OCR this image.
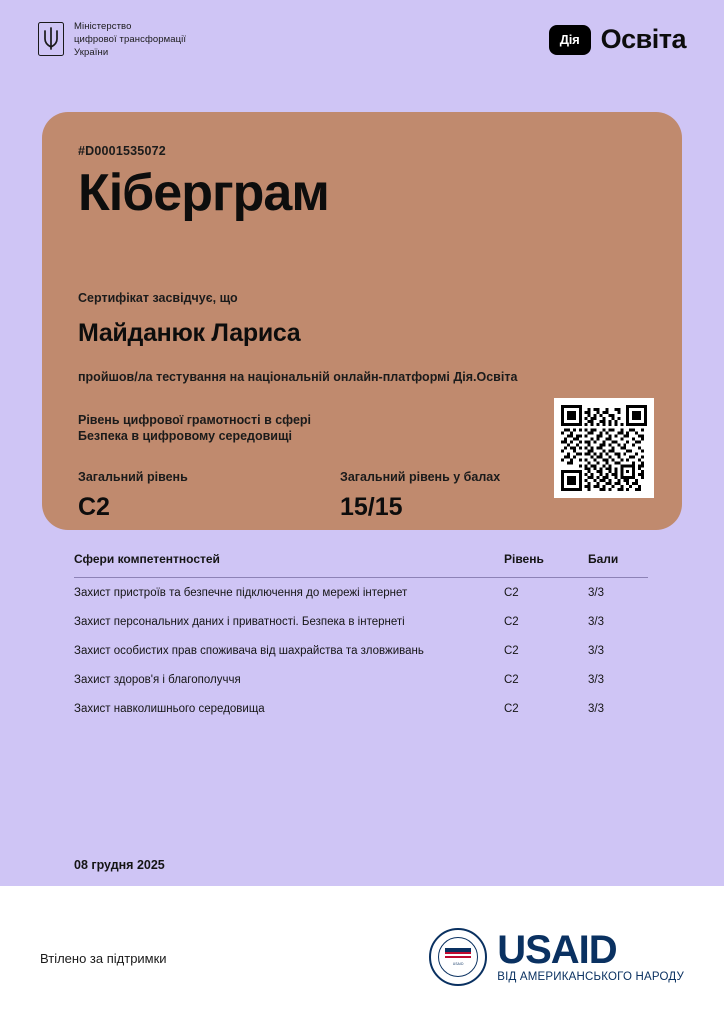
Міністерство
цифрової трансформації
України
Дія Освіта
#D0001535072
Кіберграм
Сертифікат засвідчує, що
Майданюк Лариса
пройшов/ла тестування на національній онлайн-платформі Дія.Освіта
Рівень цифрової грамотності в сфері
Безпека в цифровому середовищі
Загальний рівень
C2
Загальний рівень у балах
15/15
Сфери компетентностей	Рівень	Бали
Захист пристроїв та безпечне підключення до мережі інтернет	C2	3/3
Захист персональних даних і приватності. Безпека в інтернеті	C2	3/3
Захист особистих прав споживача від шахрайства та зловживань	C2	3/3
Захист здоров'я і благополуччя	C2	3/3
Захист навколишнього середовища	C2	3/3
08 грудня 2025
Втілено за підтримки	USAID USAID
ВІД АМЕРИКАНСЬКОГО НАРОДУ
